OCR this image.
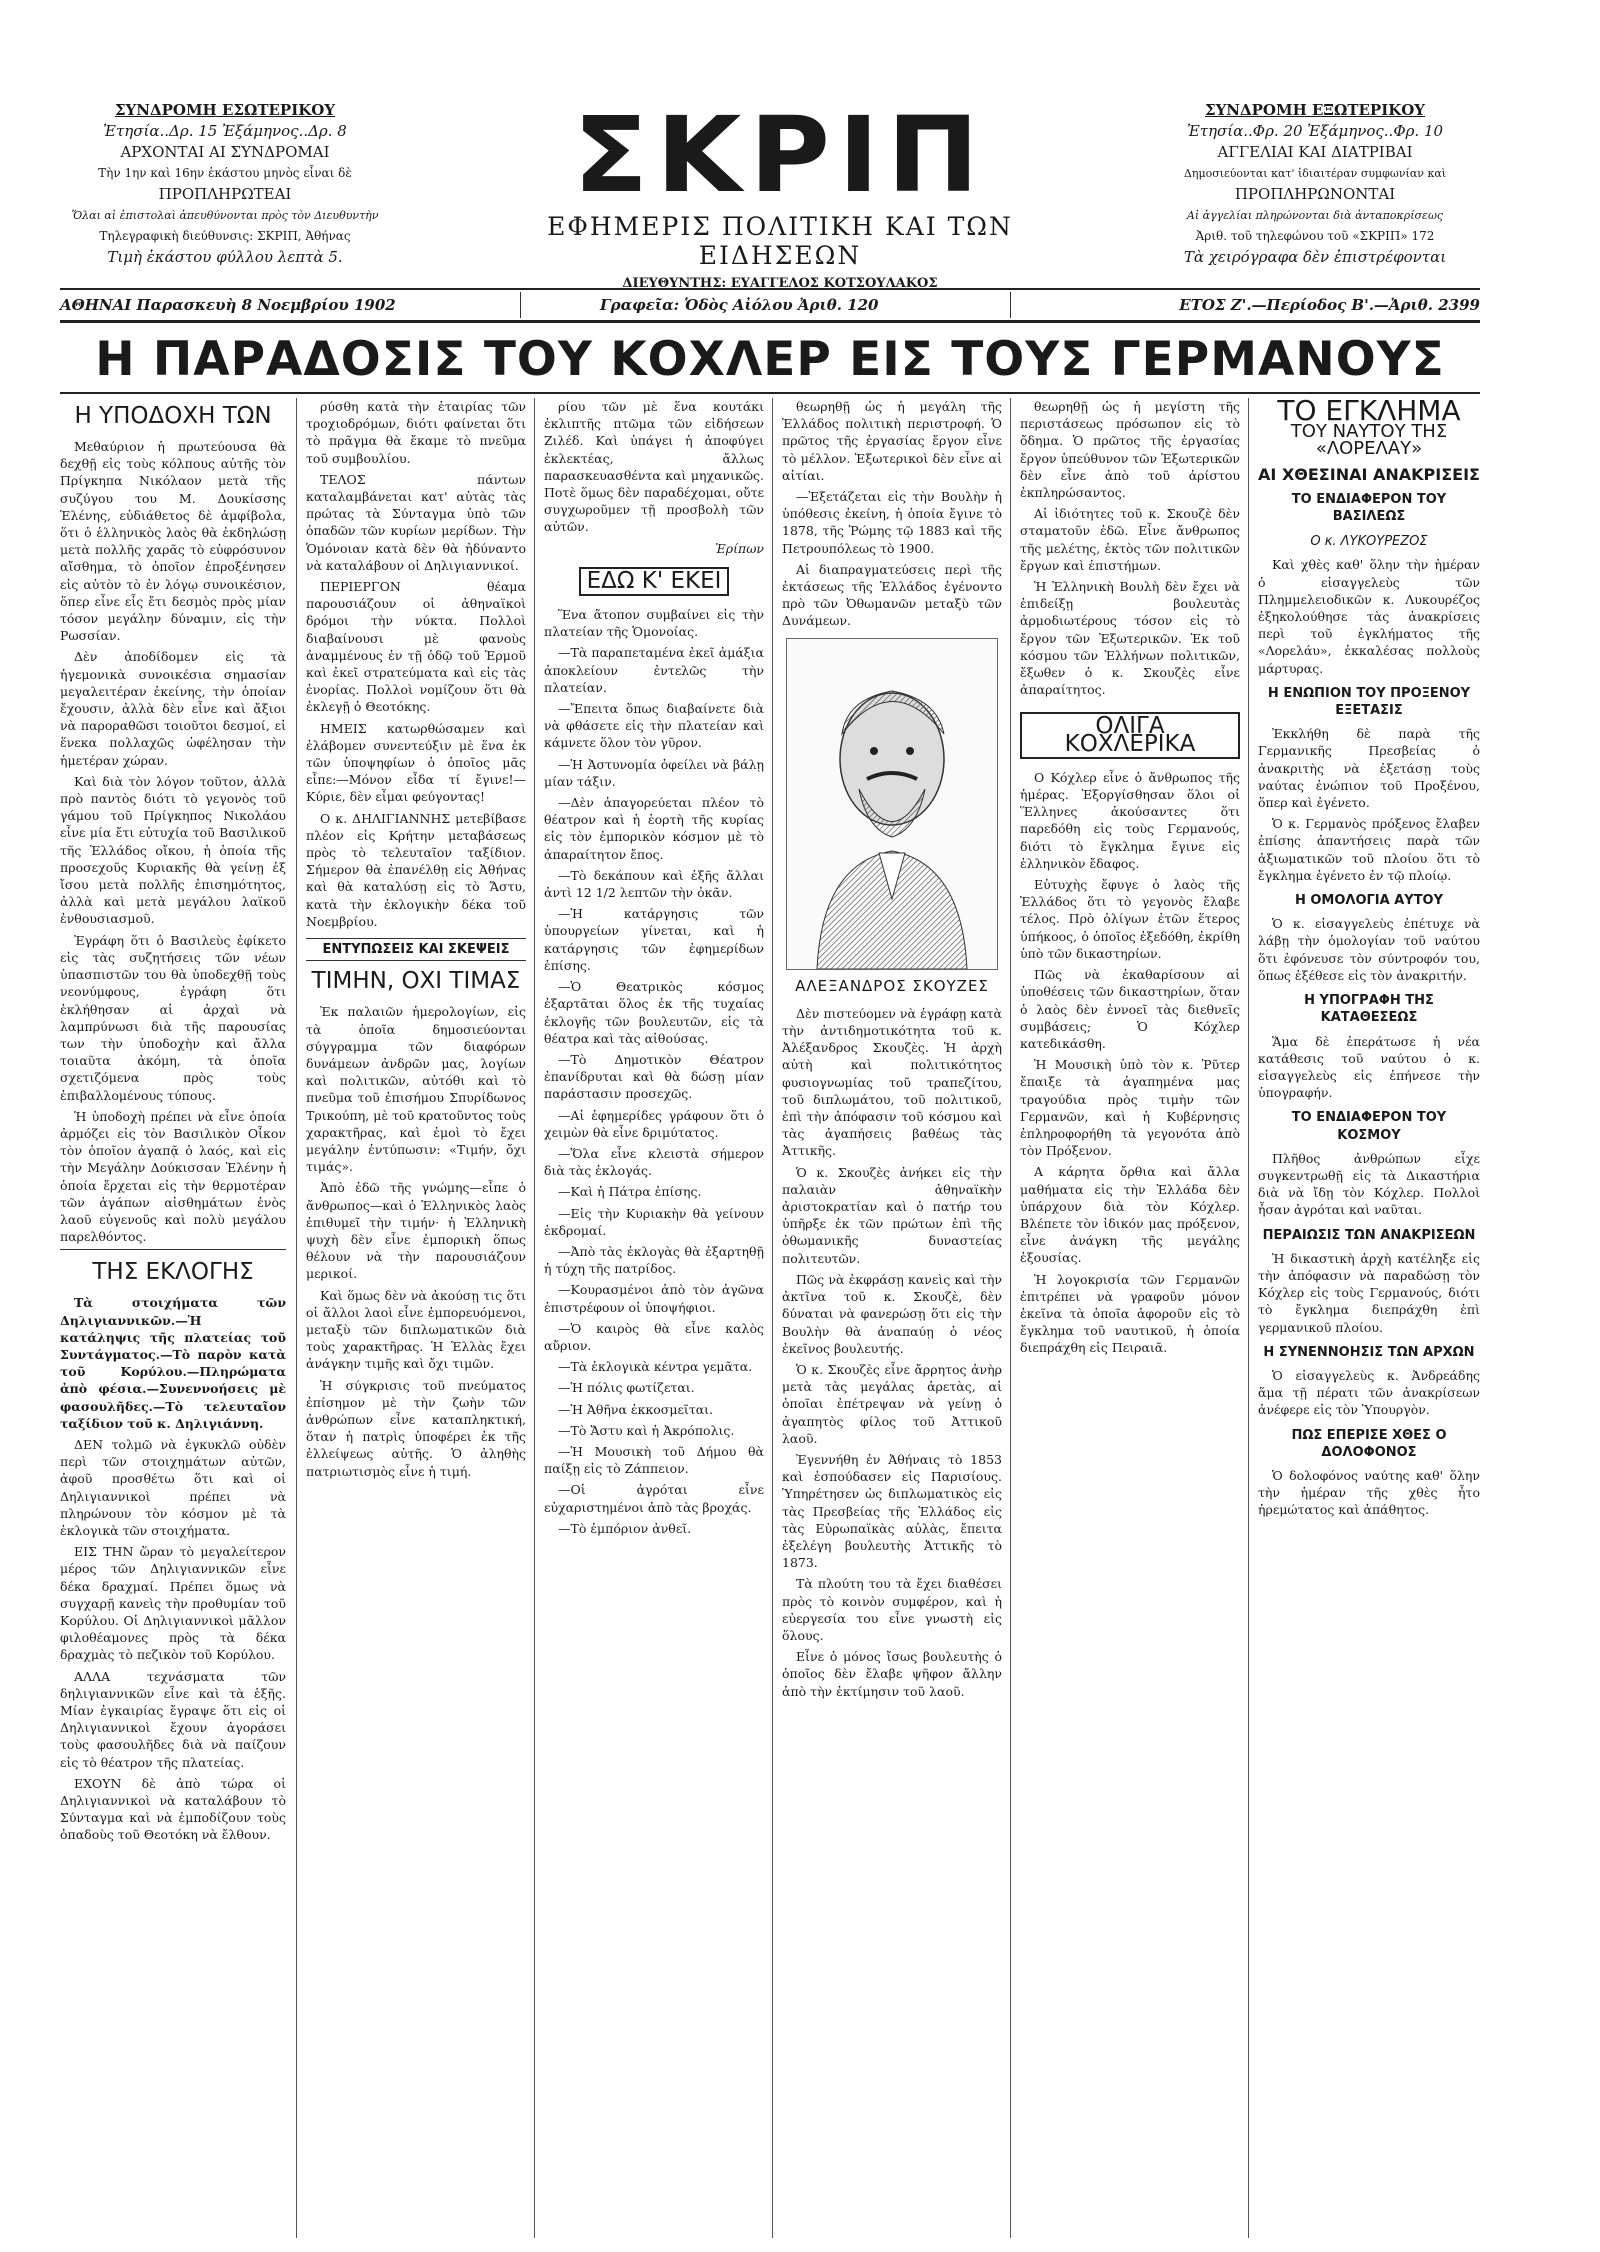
ΣΥΝΔΡΟΜΗ ΕΣΩΤΕΡΙΚΟΥ
Ἐτησία..Δρ. 15 Ἐξάμηνος..Δρ. 8
ΑΡΧΟΝΤΑΙ ΑΙ ΣΥΝΔΡΟΜΑΙ
Τὴν 1ην καὶ 16ην ἑκάστου μηνὸς εἶναι δὲ
ΠΡΟΠΛΗΡΩΤΕΑΙ
Ὅλαι αἱ ἐπιστολαὶ ἀπευθύνονται πρὸς τὸν Διευθυντὴν
Τηλεγραφικὴ διεύθυνσις: ΣΚΡΙΠ, Ἀθήνας
Τιμὴ ἑκάστου φύλλου λεπτὰ 5.
ΣΚΡΙΠ
ΕΦΗΜΕΡΙΣ ΠΟΛΙΤΙΚΗ ΚΑΙ ΤΩΝ ΕΙΔΗΣΕΩΝ
ΔΙΕΥΘΥΝΤΗΣ: ΕΥΑΓΓΕΛΟΣ ΚΟΤΣΟΥΛΑΚΟΣ
ΣΥΝΔΡΟΜΗ ΕΞΩΤΕΡΙΚΟΥ
Ἐτησία..Φρ. 20 Ἐξάμηνος..Φρ. 10
ΑΓΓΕΛΙΑΙ ΚΑΙ ΔΙΑΤΡΙΒΑΙ
Δημοσιεύονται κατ' ἰδιαιτέραν συμφωνίαν καὶ
ΠΡΟΠΛΗΡΩΝΟΝΤΑΙ
Αἱ ἀγγελίαι πληρώνονται διὰ ἀνταποκρίσεως
Ἀριθ. τοῦ τηλεφώνου τοῦ «ΣΚΡΙΠ» 172
Τὰ χειρόγραφα δὲν ἐπιστρέφονται
ΑΘΗΝΑΙ Παρασκευὴ 8 Νοεμβρίου 1902	Γραφεῖα: Ὁδὸς Αἰόλου Ἀριθ. 120	ΕΤΟΣ Ζ'.—Περίοδος Β'.—Ἀριθ. 2399
Η ΠΑΡΑΔΟΣΙΣ ΤΟΥ ΚΟΧΛΕΡ ΕΙΣ ΤΟΥΣ ΓΕΡΜΑΝΟΥΣ
Η ΥΠΟΔΟΧΗ ΤΩΝ

Μεθαύριον ἡ πρωτεύουσα θὰ δεχθῇ εἰς τοὺς κόλπους αὐτῆς τὸν Πρίγκηπα Νικόλαον μετὰ τῆς συζύγου του Μ. Δουκίσσης Ἑλένης, εὐδιάθετος δὲ ἀμφίβολα, ὅτι ὁ ἑλληνικὸς λαὸς θὰ ἐκδηλώσῃ μετὰ πολλῆς χαρᾶς τὸ εὐφρόσυνον αἴσθημα, τὸ ὁποῖον ἐπροξένησεν εἰς αὐτὸν τὸ ἐν λόγῳ συνοικέσιον, ὅπερ εἶνε εἷς ἔτι δεσμὸς πρὸς μίαν τόσον μεγάλην δύναμιν, εἰς τὴν Ρωσσίαν.

Δὲν ἀποδίδομεν εἰς τὰ ἡγεμονικὰ συνοικέσια σημασίαν μεγαλειτέραν ἐκείνης, τὴν ὁποίαν ἔχουσιν, ἀλλὰ δὲν εἶνε καὶ ἄξιοι νὰ παροραθῶσι τοιοῦτοι δεσμοί, εἰ ἕνεκα πολλαχῶς ὠφέλησαν τὴν ἡμετέραν χώραν.

Καὶ διὰ τὸν λόγον τοῦτον, ἀλλὰ πρὸ παντὸς διότι τὸ γεγονὸς τοῦ γάμου τοῦ Πρίγκηπος Νικολάου εἶνε μία ἔτι εὐτυχία τοῦ Βασιλικοῦ τῆς Ἑλλάδος οἴκου, ἡ ὁποία τῆς προσεχοῦς Κυριακῆς θὰ γείνῃ ἐξ ἴσου μετὰ πολλῆς ἐπισημότητος, ἀλλὰ καὶ μετὰ μεγάλου λαϊκοῦ ἐνθουσιασμοῦ.

Ἐγράφη ὅτι ὁ Βασιλεὺς ἐφίκετο εἰς τὰς συζητήσεις τῶν νέων ὑπασπιστῶν του θὰ ὑποδεχθῇ τοὺς νεονύμφους, ἐγράφη ὅτι ἐκλήθησαν αἱ ἀρχαὶ νὰ λαμπρύνωσι διὰ τῆς παρουσίας των τὴν ὑποδοχὴν καὶ ἄλλα τοιαῦτα ἀκόμη, τὰ ὁποῖα σχετιζόμενα πρὸς τοὺς ἐπιβαλλομένους τύπους.

Ἡ ὑποδοχὴ πρέπει νὰ εἶνε ὁποία ἀρμόζει εἰς τὸν Βασιλικὸν Οἶκον τὸν ὁποῖον ἀγαπᾷ ὁ λαός, καὶ εἰς τὴν Μεγάλην Δούκισσαν Ἑλένην ἡ ὁποία ἔρχεται εἰς τὴν θερμοτέραν τῶν ἀγάπων αἰσθημάτων ἑνὸς λαοῦ εὐγενοῦς καὶ πολὺ μεγάλου παρελθόντος.

ΤΗΣ ΕΚΛΟΓΗΣ

Τὰ στοιχήματα τῶν Δηλιγιαννικῶν.—Ἡ κατάληψις τῆς πλατείας τοῦ Συντάγματος.—Τὸ παρὸν κατὰ τοῦ Κορύλου.—Πληρώματα ἀπὸ φέσια.—Συνεννοήσεις μὲ φασουλῆδες.—Τὸ τελευταῖον ταξίδιον τοῦ κ. Δηλιγιάννη.

ΔΕΝ τολμῶ νὰ ἐγκυκλῶ οὐδὲν περὶ τῶν στοιχημάτων αὐτῶν, ἀφοῦ προσθέτω ὅτι καὶ οἱ Δηλιγιαννικοὶ πρέπει νὰ πληρώνουν τὸν κόσμον μὲ τὰ ἐκλογικὰ τῶν στοιχήματα.

ΕΙΣ ΤΗΝ ὥραν τὸ μεγαλείτερον μέρος τῶν Δηλιγιαννικῶν εἶνε δέκα δραχμαί. Πρέπει ὅμως νὰ συγχαρῇ κανεὶς τὴν προθυμίαν τοῦ Κορύλου. Οἱ Δηλιγιαννικοὶ μᾶλλον φιλοθέαμονες πρὸς τὰ δέκα δραχμὰς τὸ πεζικὸν τοῦ Κορύλου.

ΑΛΛΑ τεχνάσματα τῶν δηλιγιαννικῶν εἶνε καὶ τὰ ἑξῆς. Μίαν ἐγκαιρίας ἔγραψε ὅτι εἰς οἱ Δηλιγιαννικοὶ ἔχουν ἀγοράσει τοὺς φασουλῆδες διὰ νὰ παίζουν εἰς τὸ θέατρον τῆς πλατείας.

ΕΧΟΥΝ δὲ ἀπὸ τώρα οἱ Δηλιγιαννικοὶ νὰ καταλάβουν τὸ Σύνταγμα καὶ νὰ ἐμποδίζουν τοὺς ὀπαδοὺς τοῦ Θεοτόκη νὰ ἔλθουν.

ρύσθη κατὰ τὴν ἑταιρίας τῶν τροχιοδρόμων, διότι φαίνεται ὅτι τὸ πρᾶγμα θὰ ἔκαμε τὸ πνεῦμα τοῦ συμβουλίου.

ΤΕΛΟΣ πάντων καταλαμβάνεται κατ' αὐτὰς τὰς πρώτας τὰ Σύνταγμα ὑπὸ τῶν ὀπαδῶν τῶν κυρίων μερίδων. Τὴν Ὁμόνοιαν κατὰ δὲν θὰ ἠδύναντο νὰ καταλάβουν οἱ Δηλιγιαννικοί.

ΠΕΡΙΕΡΓΟΝ θέαμα παρουσιάζουν οἱ ἀθηναϊκοὶ δρόμοι τὴν νύκτα. Πολλοὶ διαβαίνουσι μὲ φανοὺς ἀναμμένους ἐν τῇ ὁδῷ τοῦ Ἑρμοῦ καὶ ἐκεῖ στρατεύματα καὶ εἰς τὰς ἐνορίας. Πολλοὶ νομίζουν ὅτι θὰ ἐκλεγῇ ὁ Θεοτόκης.

ΗΜΕΙΣ κατωρθώσαμεν καὶ ἐλάβομεν συνεντεύξιν μὲ ἕνα ἐκ τῶν ὑποψηφίων ὁ ὁποῖος μᾶς εἶπε:—Μόνον εἶδα τί ἔγινε!—Κύριε, δὲν εἶμαι φεύγοντας!

Ο κ. ΔΗΛΙΓΙΑΝΝΗΣ μετεβίβασε πλέον εἰς Κρήτην μεταβάσεως πρὸς τὸ τελευταῖον ταξίδιον. Σήμερον θὰ ἐπανέλθῃ εἰς Ἀθήνας καὶ θὰ καταλύσῃ εἰς τὸ Ἄστυ, κατὰ τὴν ἐκλογικὴν δέκα τοῦ Νοεμβρίου.

ΕΝΤΥΠΩΣΕΙΣ ΚΑΙ ΣΚΕΨΕΙΣ
ΤΙΜΗΝ, ΟΧΙ ΤΙΜΑΣ

Ἐκ παλαιῶν ἡμερολογίων, εἰς τὰ ὁποῖα δημοσιεύονται σύγγραμμα τῶν διαφόρων δυνάμεων ἀνδρῶν μας, λογίων καὶ πολιτικῶν, αὐτόθι καὶ τὸ πνεῦμα τοῦ ἐπισήμου Σπυρίδωνος Τρικούπη, μὲ τοῦ κρατοῦντος τοὺς χαρακτῆρας, καὶ ἐμοὶ τὸ ἔχει μεγάλην ἐντύπωσιν: «Τιμήν, ὄχι τιμάς».

Ἀπὸ ἐδῶ τῆς γνώμης—εἶπε ὁ ἄνθρωπος—καὶ ὁ Ἑλληνικὸς λαὸς ἐπιθυμεῖ τὴν τιμήν· ἡ Ἑλληνικὴ ψυχὴ δὲν εἶνε ἐμπορικὴ ὅπως θέλουν νὰ τὴν παρουσιάζουν μερικοί.

Καὶ ὅμως δὲν νὰ ἀκούσῃ τις ὅτι οἱ ἄλλοι λαοὶ εἶνε ἐμπορευόμενοι, μεταξὺ τῶν διπλωματικῶν διὰ τοὺς χαρακτῆρας. Ἡ Ἑλλὰς ἔχει ἀνάγκην τιμῆς καὶ ὄχι τιμῶν.

Ἡ σύγκρισις τοῦ πνεύματος ἐπίσημον μὲ τὴν ζωὴν τῶν ἀνθρώπων εἶνε καταπληκτική, ὅταν ἡ πατρὶς ὑποφέρει ἐκ τῆς ἐλλείψεως αὐτῆς. Ὁ ἀληθὴς πατριωτισμὸς εἶνε ἡ τιμή.

ρίου τῶν μὲ ἕνα κουτάκι ἐκλιπτῆς πτῶμα τῶν εἰδήσεων Ζιλέδ. Καὶ ὑπάγει ἡ ἀποφύγει ἐκλεκτέας, ἄλλως παρασκευασθέντα καὶ μηχανικῶς. Ποτὲ ὅμως δὲν παραδέχομαι, οὔτε συγχωροῦμεν τῇ προσβολὴ τῶν αὐτῶν.

Ἐρίπων
ΕΔΩ Κ' ΕΚΕΙ

Ἕνα ἄτοπον συμβαίνει εἰς τὴν πλατείαν τῆς Ὁμονοίας.

—Τὰ παραπεταμένα ἐκεῖ ἀμάξια ἀποκλείουν ἐντελῶς τὴν πλατείαν.

—Ἔπειτα ὅπως διαβαίνετε διὰ νὰ φθάσετε εἰς τὴν πλατείαν καὶ κάμνετε ὅλον τὸν γῦρον.

—Ἡ Ἀστυνομία ὀφείλει νὰ βάλῃ μίαν τάξιν.

—Δὲν ἀπαγορεύεται πλέον τὸ θέατρον καὶ ἡ ἑορτὴ τῆς κυρίας εἰς τὸν ἐμπορικὸν κόσμον μὲ τὸ ἀπαραίτητον ἔπος.

—Τὸ δεκάπουν καὶ ἐξῆς ἄλλαι ἀντὶ 12 1/2 λεπτῶν τὴν ὀκᾶν.

—Ἡ κατάργησις τῶν ὑπουργείων γίνεται, καὶ ἡ κατάργησις τῶν ἐφημερίδων ἐπίσης.

—Ὁ Θεατρικὸς κόσμος ἐξαρτᾶται ὅλος ἐκ τῆς τυχαίας ἐκλογῆς τῶν βουλευτῶν, εἰς τὰ θέατρα καὶ τὰς αἰθούσας.

—Τὸ Δημοτικὸν Θέατρον ἐπανίδρυται καὶ θὰ δώσῃ μίαν παράστασιν προσεχῶς.

—Αἱ ἐφημερίδες γράφουν ὅτι ὁ χειμὼν θὰ εἶνε δριμύτατος.

—Ὅλα εἶνε κλειστὰ σήμερον διὰ τὰς ἐκλογάς.

—Καὶ ἡ Πάτρα ἐπίσης.

—Εἰς τὴν Κυριακὴν θὰ γείνουν ἐκδρομαί.

—Ἀπὸ τὰς ἐκλογὰς θὰ ἐξαρτηθῇ ἡ τύχη τῆς πατρίδος.

—Κουρασμένοι ἀπὸ τὸν ἀγῶνα ἐπιστρέφουν οἱ ὑποψήφιοι.

—Ὁ καιρὸς θὰ εἶνε καλὸς αὔριον.

—Τὰ ἐκλογικὰ κέντρα γεμᾶτα.

—Ἡ πόλις φωτίζεται.

—Ἡ Ἀθῆνα ἐκκοσμεῖται.

—Τὸ Ἄστυ καὶ ἡ Ἀκρόπολις.

—Ἡ Μουσικὴ τοῦ Δήμου θὰ παίξῃ εἰς τὸ Ζάππειον.

—Οἱ ἀγρόται εἶνε εὐχαριστημένοι ἀπὸ τὰς βροχάς.

—Τὸ ἐμπόριον ἀνθεῖ.

θεωρηθῇ ὡς ἡ μεγάλη τῆς Ἑλλάδος πολιτικὴ περιστροφή. Ὁ πρῶτος τῆς ἐργασίας ἔργον εἶνε τὸ μέλλον. Ἐξωτερικοὶ δὲν εἶνε αἱ αἰτίαι.

—Ἐξετάζεται εἰς τὴν Βουλὴν ἡ ὑπόθεσις ἐκείνη, ἡ ὁποία ἔγινε τὸ 1878, τῆς Ῥώμης τῷ 1883 καὶ τῆς Πετρουπόλεως τὸ 1900.

Αἱ διαπραγματεύσεις περὶ τῆς ἐκτάσεως τῆς Ἑλλάδος ἐγένοντο πρὸ τῶν Ὀθωμανῶν μεταξὺ τῶν Δυνάμεων.

ΑΛΕΞΑΝΔΡΟΣ ΣΚΟΥΖΕΣ

Δὲν πιστεύομεν νὰ ἐγράφῃ κατὰ τὴν ἀντιδημοτικότητα τοῦ κ. Ἀλέξανδρος Σκουζὲς. Ἡ ἀρχὴ αὐτὴ καὶ πολιτικότητος φυσιογνωμίας τοῦ τραπεζίτου, τοῦ διπλωμάτου, τοῦ πολιτικοῦ, ἐπὶ τὴν ἀπόφασιν τοῦ κόσμου καὶ τὰς ἀγαπήσεις βαθέως τὰς Ἀττικῆς.

Ὁ κ. Σκουζὲς ἀνήκει εἰς τὴν παλαιὰν ἀθηναϊκὴν ἀριστοκρατίαν καὶ ὁ πατήρ του ὑπῆρξε ἐκ τῶν πρώτων ἐπὶ τῆς ὀθωμανικῆς δυναστείας πολιτευτῶν.

Πῶς νὰ ἐκφράσῃ κανεὶς καὶ τὴν ἀκτῖνα τοῦ κ. Σκουζὲ, δὲν δύναται νὰ φανερώσῃ ὅτι εἰς τὴν Βουλὴν θὰ ἀναπαύῃ ὁ νέος ἐκεῖνος βουλευτής.

Ὁ κ. Σκουζὲς εἶνε ἄρρητος ἀνὴρ μετὰ τὰς μεγάλας ἀρετὰς, αἱ ὁποῖαι ἐπέτρεψαν νὰ γείνῃ ὁ ἀγαπητὸς φίλος τοῦ Ἀττικοῦ λαοῦ.

Ἐγεννήθη ἐν Ἀθήναις τὸ 1853 καὶ ἐσπούδασεν εἰς Παρισίους. Ὑπηρέτησεν ὡς διπλωματικὸς εἰς τὰς Πρεσβείας τῆς Ἑλλάδος εἰς τὰς Εὐρωπαϊκὰς αὐλὰς, ἔπειτα ἐξελέγη βουλευτὴς Ἀττικῆς τὸ 1873.

Τὰ πλούτη του τὰ ἔχει διαθέσει πρὸς τὸ κοινὸν συμφέρον, καὶ ἡ εὐεργεσία του εἶνε γνωστὴ εἰς ὅλους.

Εἶνε ὁ μόνος ἴσως βουλευτὴς ὁ ὁποῖος δὲν ἔλαβε ψῆφον ἄλλην ἀπὸ τὴν ἐκτίμησιν τοῦ λαοῦ.

θεωρηθῇ ὡς ἡ μεγίστη τῆς περιστάσεως πρόσωπον εἰς τὸ ὄδημα. Ὁ πρῶτος τῆς ἐργασίας ἔργον ὑπεύθυνον τῶν Ἐξωτερικῶν δὲν εἶνε ἀπὸ τοῦ ἀρίστου ἐκπληρώσαντος.

Αἱ ἰδιότητες τοῦ κ. Σκουζὲ δὲν σταματοῦν ἐδῶ. Εἶνε ἄνθρωπος τῆς μελέτης, ἐκτὸς τῶν πολιτικῶν ἔργων καὶ ἐπιστήμων.

Ἡ Ἑλληνικὴ Βουλὴ δὲν ἔχει νὰ ἐπιδείξῃ βουλευτὰς ἀρμοδιωτέρους τόσον εἰς τὸ ἔργον τῶν Ἐξωτερικῶν. Ἐκ τοῦ κόσμου τῶν Ἑλλήνων πολιτικῶν, ἔξωθεν ὁ κ. Σκουζὲς εἶνε ἀπαραίτητος.

ΟΛΙΓΑ ΚΟΧΛΕΡΙΚΑ

Ο Κόχλερ εἶνε ὁ ἄνθρωπος τῆς ἡμέρας. Ἐξοργίσθησαν ὅλοι οἱ Ἕλληνες ἀκούσαντες ὅτι παρεδόθη εἰς τοὺς Γερμανούς, διότι τὸ ἔγκλημα ἔγινε εἰς ἑλληνικὸν ἔδαφος.

Εὐτυχὴς ἔφυγε ὁ λαὸς τῆς Ἑλλάδος ὅτι τὸ γεγονὸς ἔλαβε τέλος. Πρὸ ὀλίγων ἐτῶν ἕτερος ὑπήκοος, ὁ ὁποῖος ἐξεδόθη, ἐκρίθη ὑπὸ τῶν δικαστηρίων.

Πῶς νὰ ἐκαθαρίσουν αἱ ὑποθέσεις τῶν δικαστηρίων, ὅταν ὁ λαὸς δὲν ἐννοεῖ τὰς διεθνεῖς συμβάσεις; Ὁ Κόχλερ κατεδικάσθη.

Ἡ Μουσικὴ ὑπὸ τὸν κ. Ῥῦτερ ἔπαιξε τὰ ἀγαπημένα μας τραγούδια πρὸς τιμὴν τῶν Γερμανῶν, καὶ ἡ Κυβέρνησις ἐπληροφορήθη τὰ γεγονότα ἀπὸ τὸν Πρόξενον.

Α κάρητα ὄρθια καὶ ἄλλα μαθήματα εἰς τὴν Ἑλλάδα δὲν ὑπάρχουν διὰ τὸν Κόχλερ. Βλέπετε τὸν ἰδικόν μας πρόξενον, εἶνε ἀνάγκη τῆς μεγάλης ἐξουσίας.

Ἡ λογοκρισία τῶν Γερμανῶν ἐπιτρέπει νὰ γραφοῦν μόνον ἐκεῖνα τὰ ὁποῖα ἀφοροῦν εἰς τὸ ἔγκλημα τοῦ ναυτικοῦ, ἡ ὁποία διεπράχθη εἰς Πειραιᾶ.

ΤΟ ΕΓΚΛΗΜΑ
ΤΟΥ ΝΑΥΤΟΥ ΤΗΣ «ΛΟΡΕΛΑΥ»
ΑΙ ΧΘΕΣΙΝΑΙ ΑΝΑΚΡΙΣΕΙΣ
ΤΟ ΕΝΔΙΑΦΕΡΟΝ ΤΟΥ ΒΑΣΙΛΕΩΣ
Ο κ. ΛΥΚΟΥΡΕΖΟΣ

Καὶ χθὲς καθ' ὅλην τὴν ἡμέραν ὁ εἰσαγγελεὺς τῶν Πλημμελειοδικῶν κ. Λυκουρέζος ἐξηκολούθησε τὰς ἀνακρίσεις περὶ τοῦ ἐγκλήματος τῆς «Λορελάυ», ἐκκαλέσας πολλοὺς μάρτυρας.

Η ΕΝΩΠΙΟΝ ΤΟΥ ΠΡΟΞΕΝΟΥ ΕΞΕΤΑΣΙΣ

Ἐκκλήθη δὲ παρὰ τῆς Γερμανικῆς Πρεσβείας ὁ ἀνακριτὴς νὰ ἐξετάσῃ τοὺς ναύτας ἐνώπιον τοῦ Προξένου, ὅπερ καὶ ἐγένετο.

Ὁ κ. Γερμανὸς πρόξενος ἔλαβεν ἐπίσης ἀπαντήσεις παρὰ τῶν ἀξιωματικῶν τοῦ πλοίου ὅτι τὸ ἔγκλημα ἐγένετο ἐν τῷ πλοίῳ.

Η ΟΜΟΛΟΓΙΑ ΑΥΤΟΥ

Ὁ κ. εἰσαγγελεὺς ἐπέτυχε νὰ λάβῃ τὴν ὁμολογίαν τοῦ ναύτου ὅτι ἐφόνευσε τὸν σύντροφόν του, ὅπως ἐξέθεσε εἰς τὸν ἀνακριτήν.

Η ΥΠΟΓΡΑΦΗ ΤΗΣ ΚΑΤΑΘΕΣΕΩΣ

Ἅμα δὲ ἐπεράτωσε ἡ νέα κατάθεσις τοῦ ναύτου ὁ κ. εἰσαγγελεὺς εἰς ἐπήνεσε τὴν ὑπογραφήν.

ΤΟ ΕΝΔΙΑΦΕΡΟΝ ΤΟΥ ΚΟΣΜΟΥ

Πλῆθος ἀνθρώπων εἶχε συγκεντρωθῇ εἰς τὰ Δικαστήρια διὰ νὰ ἴδῃ τὸν Κόχλερ. Πολλοὶ ἦσαν ἀγρόται καὶ ναῦται.

ΠΕΡΑΙΩΣΙΣ ΤΩΝ ΑΝΑΚΡΙΣΕΩΝ

Ἡ δικαστικὴ ἀρχὴ κατέληξε εἰς τὴν ἀπόφασιν νὰ παραδώσῃ τὸν Κόχλερ εἰς τοὺς Γερμανούς, διότι τὸ ἔγκλημα διεπράχθη ἐπὶ γερμανικοῦ πλοίου.

Η ΣΥΝΕΝΝΟΗΣΙΣ ΤΩΝ ΑΡΧΩΝ

Ὁ εἰσαγγελεὺς κ. Ἀνδρεάδης ἅμα τῇ πέρατι τῶν ἀνακρίσεων ἀνέφερε εἰς τὸν Ὑπουργὸν.

ΠΩΣ ΕΠΕΡΙΣΕ ΧΘΕΣ Ο ΔΟΛΟΦΟΝΟΣ

Ὁ δολοφόνος ναύτης καθ' ὅλην τὴν ἡμέραν τῆς χθὲς ἦτο ἠρεμώτατος καὶ ἀπάθητος.
